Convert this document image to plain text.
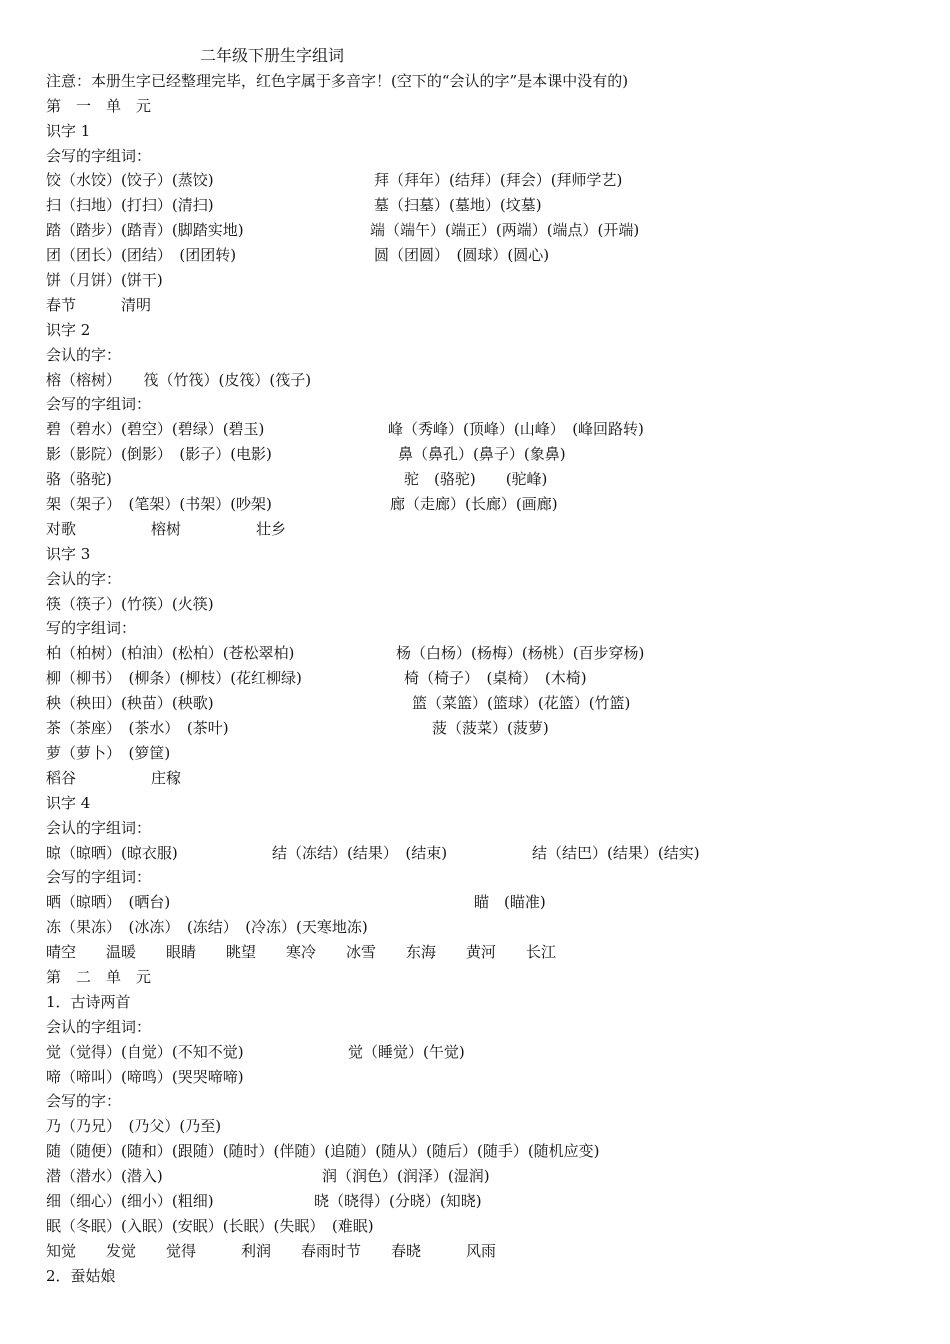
二年级下册生字组词
注意：本册生字已经整理完毕，红色字属于多音字！(空下的“会认的字”是本课中没有的)
第　一　单　元
识字 1
会写的字组词：
饺（水饺）(饺子）(蒸饺)	拜（拜年）(结拜）(拜会）(拜师学艺)
扫（扫地）(打扫）(清扫)	墓（扫墓）(墓地）(坟墓)
踏（踏步）(踏青）(脚踏实地)	端（端午）(端正）(两端）(端点）(开端)
团（团长）(团结）　(团团转)	圆（团圆）　(圆球）(圆心)
饼（月饼）(饼干)
春节　　　清明
识字 2
会认的字：
榕（榕树）　　筏（竹筏）(皮筏）(筏子)
会写的字组词：
碧（碧水）(碧空）(碧绿）(碧玉)	峰（秀峰）(顶峰）(山峰）　(峰回路转)
影（影院）(倒影）　(影子）(电影)	鼻（鼻孔）(鼻子）(象鼻)
骆（骆驼)	驼　(骆驼)　　(驼峰)
架（架子）　(笔架）(书架）(吵架)	廊（走廊）(长廊）(画廊)
对歌　　　　　榕树　　　　　壮乡
识字 3
会认的字：
筷（筷子）(竹筷）(火筷)
写的字组词：
柏（柏树）(柏油）(松柏）(苍松翠柏)	杨（白杨）(杨梅）(杨桃）(百步穿杨)
柳（柳书）　(柳条）(柳枝）(花红柳绿)	椅（椅子）　(桌椅）　(木椅)
秧（秧田）(秧苗）(秧歌)	篮（菜篮）(篮球）(花篮）(竹篮)
茶（茶座）　(茶水）　(茶叶)	菠（菠菜）(菠萝)
萝（萝卜）　(箩筐)
稻谷　　　　　庄稼
识字 4
会认的字组词：
晾（晾晒）(晾衣服)	结（冻结）(结果）　(结束)	结（结巴）(结果）(结实)
会写的字组词：
晒（晾晒）　(晒台)	瞄　(瞄准)
冻（果冻）　(冰冻）　(冻结）　(冷冻）(天寒地冻)
晴空　　温暖　　眼睛　　眺望　　寒冷　　冰雪　　东海　　黄河　　长江
第　二　单　元
1．古诗两首
会认的字组词：
觉（觉得）(自觉）(不知不觉)	觉（睡觉）(午觉)
啼（啼叫）(啼鸣）(哭哭啼啼)
会写的字：
乃（乃兄）　(乃父）(乃至)
随（随便）(随和）(跟随）(随时）(伴随）(追随）(随从）(随后）(随手）(随机应变)
潜（潜水）(潜入)	润（润色）(润泽）(湿润)
细（细心）(细小）(粗细)	晓（晓得）(分晓）(知晓)
眠（冬眠）(入眠）(安眠）(长眠）(失眠）　(难眠)
知觉　　发觉　　觉得　　　利润　　春雨时节　　春晓　　　风雨
2．蚕姑娘
